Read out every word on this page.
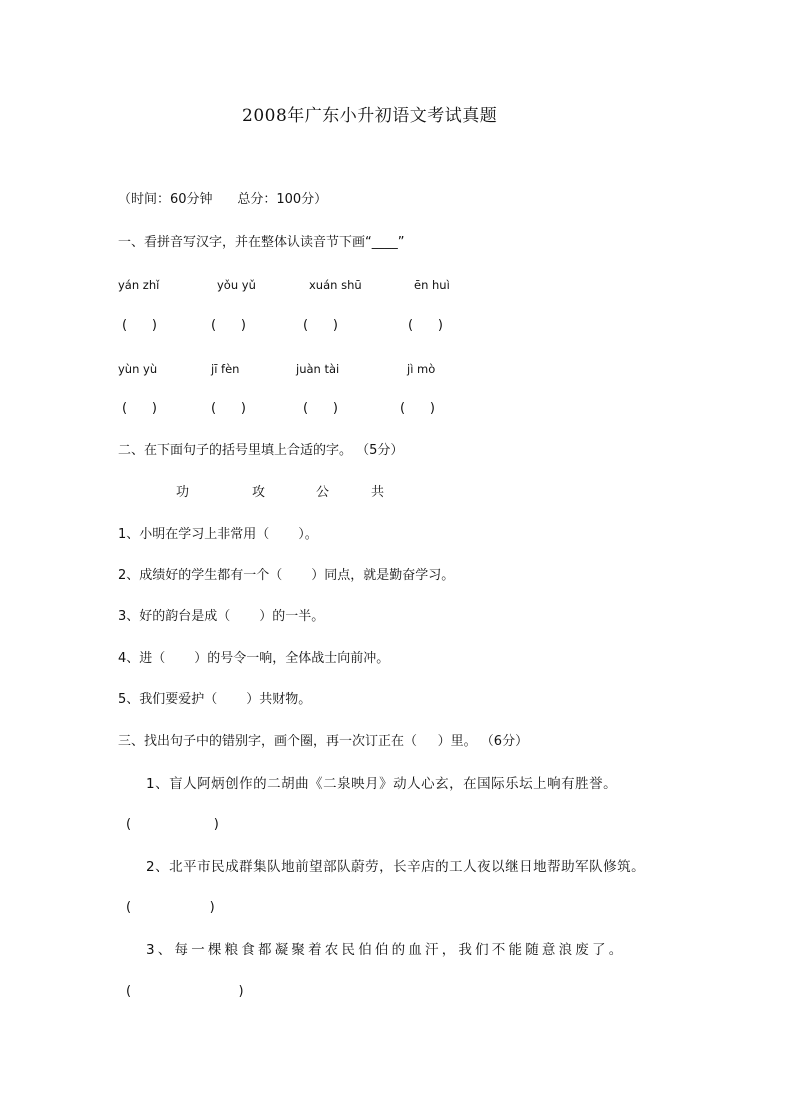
2008年广东小升初语文考试真题
（时间：60分钟      总分：100分）
一、看拼音写汉字，并在整体认读音节下画“____”
yán zhǐ	yǒu yǔ	xuán shū	ēn huì
(      )	(      )	(      )	(      )
yùn yù	jī fèn	juàn tài	jì mò
(      )	(      )	(      )	(      )
二、在下面句子的括号里填上合适的字。 （5分）
功	攻	公	共
1、小明在学习上非常用（       ）。
2、成绩好的学生都有一个（       ）同点，就是勤奋学习。
3、好的韵台是成（       ）的一半。
4、进（       ）的号令一响，全体战士向前冲。
5、我们要爱护（       ）共财物。
三、找出句子中的错别字，画个圈，再一次订正在（     ）里。 （6分）
1、盲人阿炳创作的二胡曲《二泉映月》动人心玄，在国际乐坛上响有胜誉。
(                    )
2、北平市民成群集队地前望部队蔚劳，长辛店的工人夜以继日地帮助军队修筑。
(                   )
3、每一棵粮食都凝聚着农民伯伯的血汗，我们不能随意浪废了。
(                          )
